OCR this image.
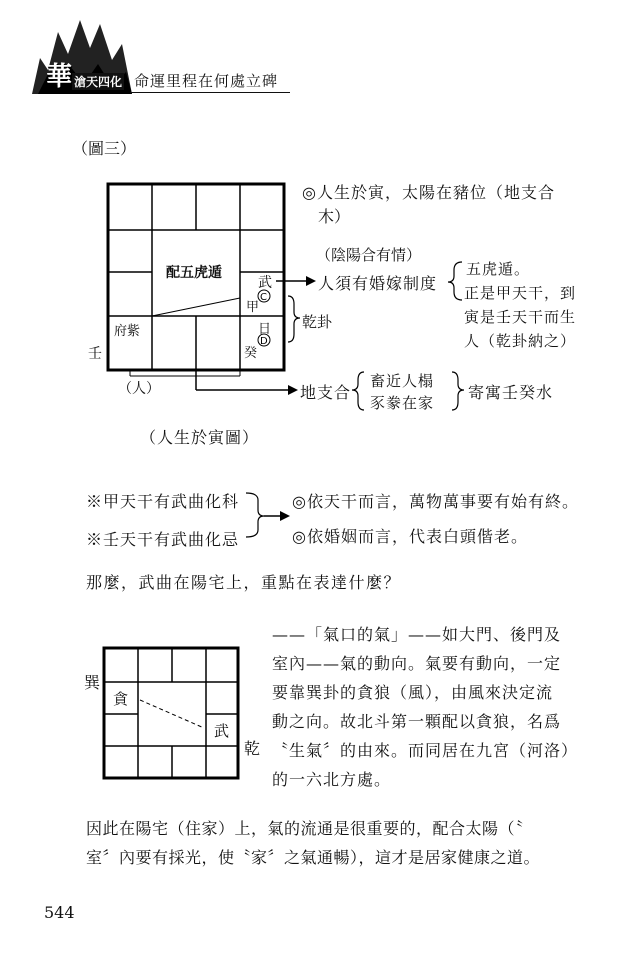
華 滄天四化 命運里程在何處立碑
（圖三）
C
D
配五虎遁
武
甲
日
癸
府紫
壬
（人）
（人生於寅圖）
◎人生於寅，太陽在豬位（地支合
木）
（陰陽合有情）
人須有婚嫁制度
乾卦
五虎遁。
正是甲天干，到
寅是壬天干而生
人（乾卦納之）
地支合
畜近人榻
豕豢在家
寄寓壬癸水
※甲天干有武曲化科
※壬天干有武曲化忌
◎依天干而言，萬物萬事要有始有終。
◎依婚姻而言，代表白頭偕老。
那麼，武曲在陽宅上，重點在表達什麼？
巽
貪
武
乾
——「氣口的氣」——如大門、後門及
室內——氣的動向。氣要有動向，一定
要靠巽卦的貪狼（風），由風來決定流
動之向。故北斗第一顆配以貪狼，名爲
〝生氣〞的由來。而同居在九宮（河洛）
的一六北方處。
因此在陽宅（住家）上，氣的流通是很重要的，配合太陽（〝
室〞內要有採光，使〝家〞之氣通暢），這才是居家健康之道。
544
